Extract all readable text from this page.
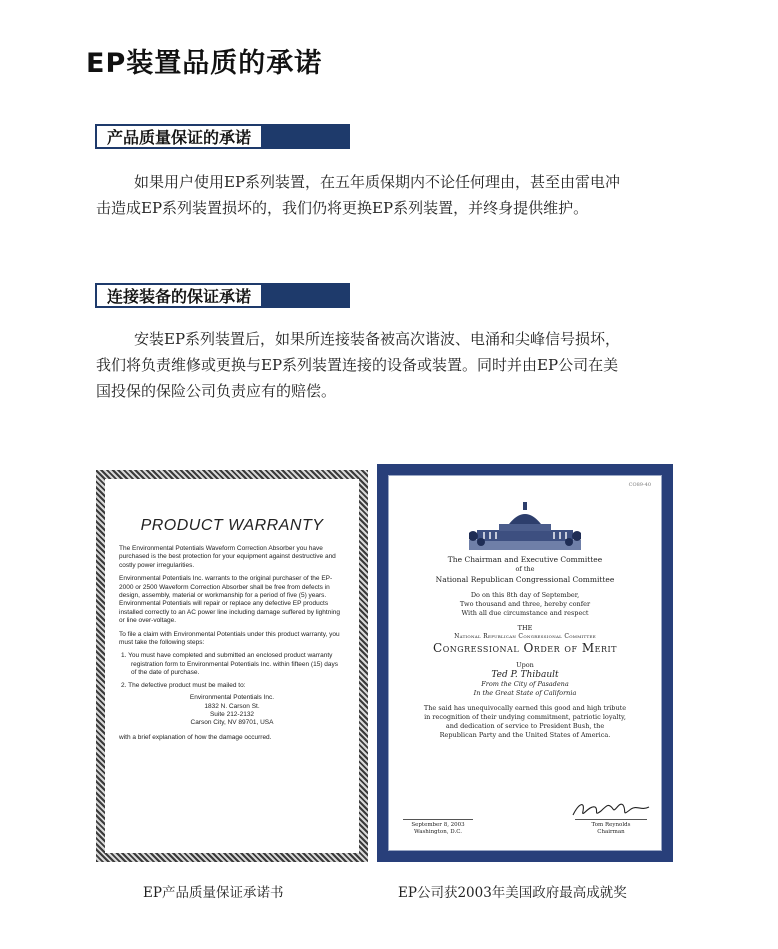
EP装置品质的承诺
产品质量保证的承诺
如果用户使用EP系列装置，在五年质保期内不论任何理由，甚至由雷电冲击造成EP系列装置损坏的，我们仍将更换EP系列装置，并终身提供维护。
连接装备的保证承诺
安装EP系列装置后，如果所连接装备被高次谐波、电涌和尖峰信号损坏，我们将负责维修或更换与EP系列装置连接的设备或装置。同时并由EP公司在美国投保的保险公司负责应有的赔偿。
PRODUCT WARRANTY

The Environmental Potentials Waveform Correction Absorber you have purchased is the best protection for your equipment against destructive and costly power irregularities.

Environmental Potentials Inc. warrants to the original purchaser of the EP-2000 or 2500 Waveform Correction Absorber shall be free from defects in design, assembly, material or workmanship for a period of five (5) years. Environmental Potentials will repair or replace any defective EP products installed correctly to an AC power line including damage suffered by lightning or line over-voltage.

To file a claim with Environmental Potentials under this product warranty, you must take the following steps:

1. You must have completed and submitted an enclosed product warranty registration form to Environmental Potentials Inc. within fifteen (15) days of the date of purchase.

2. The defective product must be mailed to:

Environmental Potentials Inc.
1832 N. Carson St.
Suite 212-2132
Carson City, NV 89701, USA

with a brief explanation of how the damage occurred.

CO89-40

The Chairman and Executive Committee

of the

National Republican Congressional Committee

Do on this 8th day of September,

Two thousand and three, hereby confer

With all due circumstance and respect

THE

National Republican Congressional Committee

Congressional Order of Merit

Upon

Ted P. Thibault

From the City of Pasadena

In the Great State of California

The said has unequivocally earned this good and high tribute

in recognition of their undying commitment, patriotic loyalty,

and dedication of service to President Bush, the

Republican Party and the United States of America.

September 8, 2003
Washington, D.C.
Tom Reynolds
Chairman
EP产品质量保证承诺书	EP公司获2003年美国政府最高成就奖
